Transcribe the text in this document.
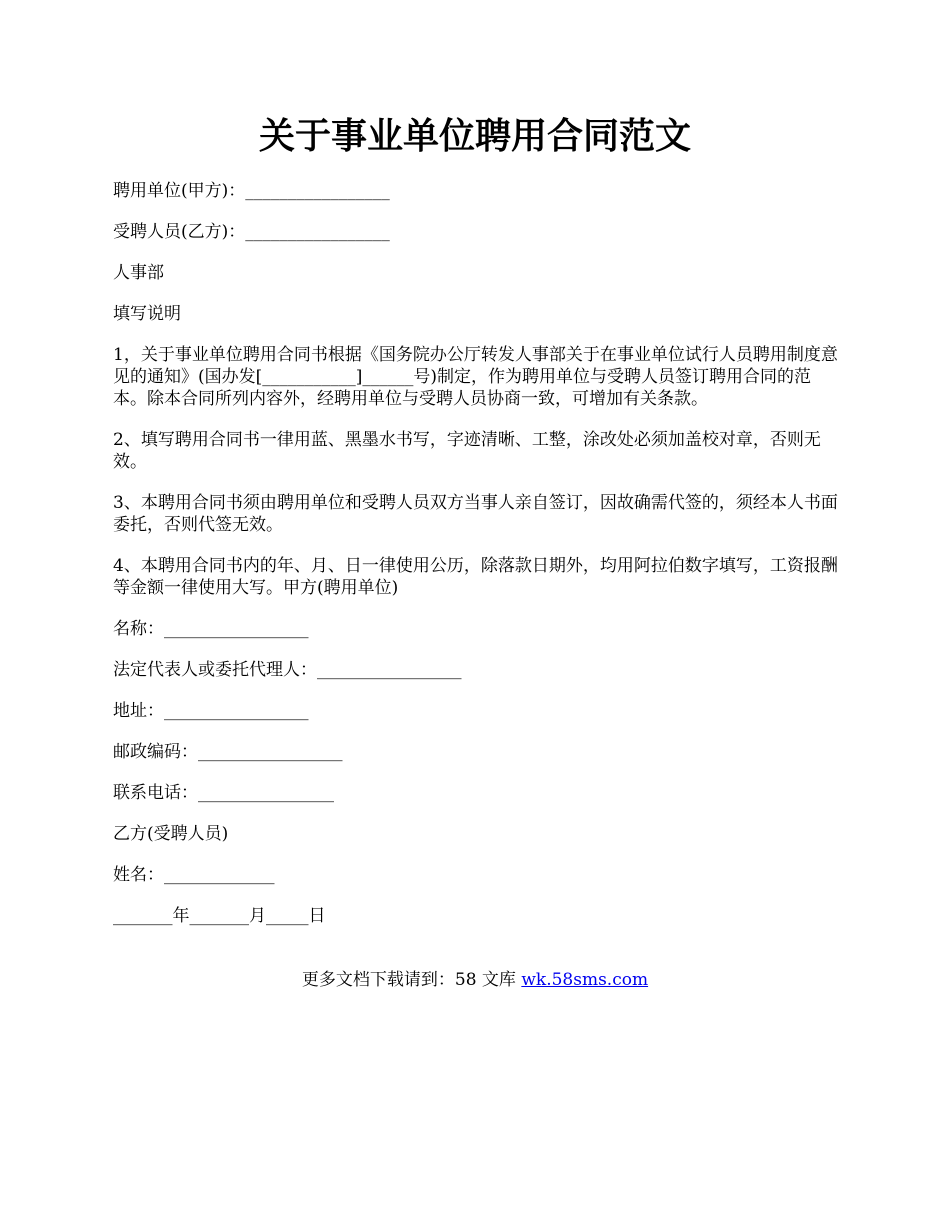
关于事业单位聘用合同范文

聘用单位(甲方)：_________________

受聘人员(乙方)：_________________

人事部

填写说明

1，关于事业单位聘用合同书根据《国务院办公厅转发人事部关于在事业单位试行人员聘用制度意见的通知》(国办发[___________]______号)制定，作为聘用单位与受聘人员签订聘用合同的范本。除本合同所列内容外，经聘用单位与受聘人员协商一致，可增加有关条款。

2、填写聘用合同书一律用蓝、黑墨水书写，字迹清晰、工整，涂改处必须加盖校对章，否则无效。

3、本聘用合同书须由聘用单位和受聘人员双方当事人亲自签订，因故确需代签的，须经本人书面委托，否则代签无效。

4、本聘用合同书内的年、月、日一律使用公历，除落款日期外，均用阿拉伯数字填写，工资报酬等金额一律使用大写。甲方(聘用单位)

名称：_________________

法定代表人或委托代理人：_________________

地址：_________________

邮政编码：_________________

联系电话：________________

乙方(受聘人员)

姓名：_____________

_______年_______月_____日

更多文档下载请到：58 文库 wk.58sms.com
